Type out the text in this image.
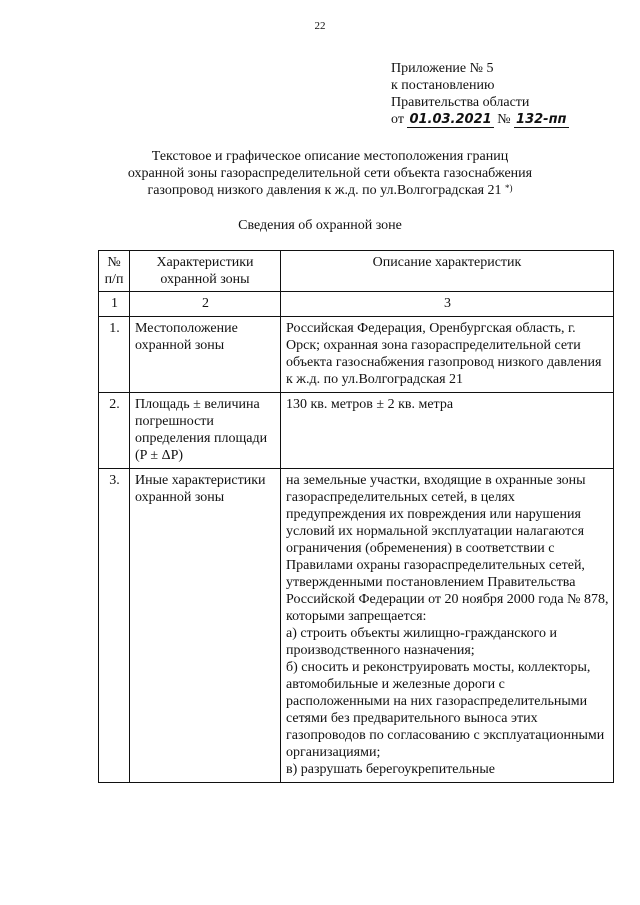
22
Приложение № 5
к постановлению
Правительства области
от 01.03.2021 № 132-пп
Текстовое и графическое описание местоположения границ
охранной зоны газораспределительной сети объекта газоснабжения
газопровод низкого давления к ж.д. по ул.Волгоградская 21 *)
Сведения об охранной зоне
№ п/п	Характеристики охранной зоны	Описание характеристик
1	2	3
1.	Местоположение охранной зоны	Российская Федерация, Оренбургская область, г. Орск; охранная зона газораспределительной сети объекта газоснабжения газопровод низкого давления к ж.д. по ул.Волгоградская 21
2.	Площадь ± величина погрешности определения площади (P ± ΔP)	130 кв. метров ± 2 кв. метра
3.	Иные характеристики охранной зоны	на земельные участки, входящие в охранные зоны газораспределительных сетей, в целях предупреждения их повреждения или нарушения условий их нормальной эксплуатации налагаются ограничения (обременения) в соответствии с Правилами охраны газораспределительных сетей, утвержденными постановлением Правительства Российской Федерации от 20 ноября 2000 года № 878, которыми запрещается:
а) строить объекты жилищно-гражданского и производственного назначения;
б) сносить и реконструировать мосты, коллекторы, автомобильные и железные дороги с расположенными на них газораспределительными сетями без предварительного выноса этих газопроводов по согласованию с эксплуатационными организациями;
в) разрушать берегоукрепительные
